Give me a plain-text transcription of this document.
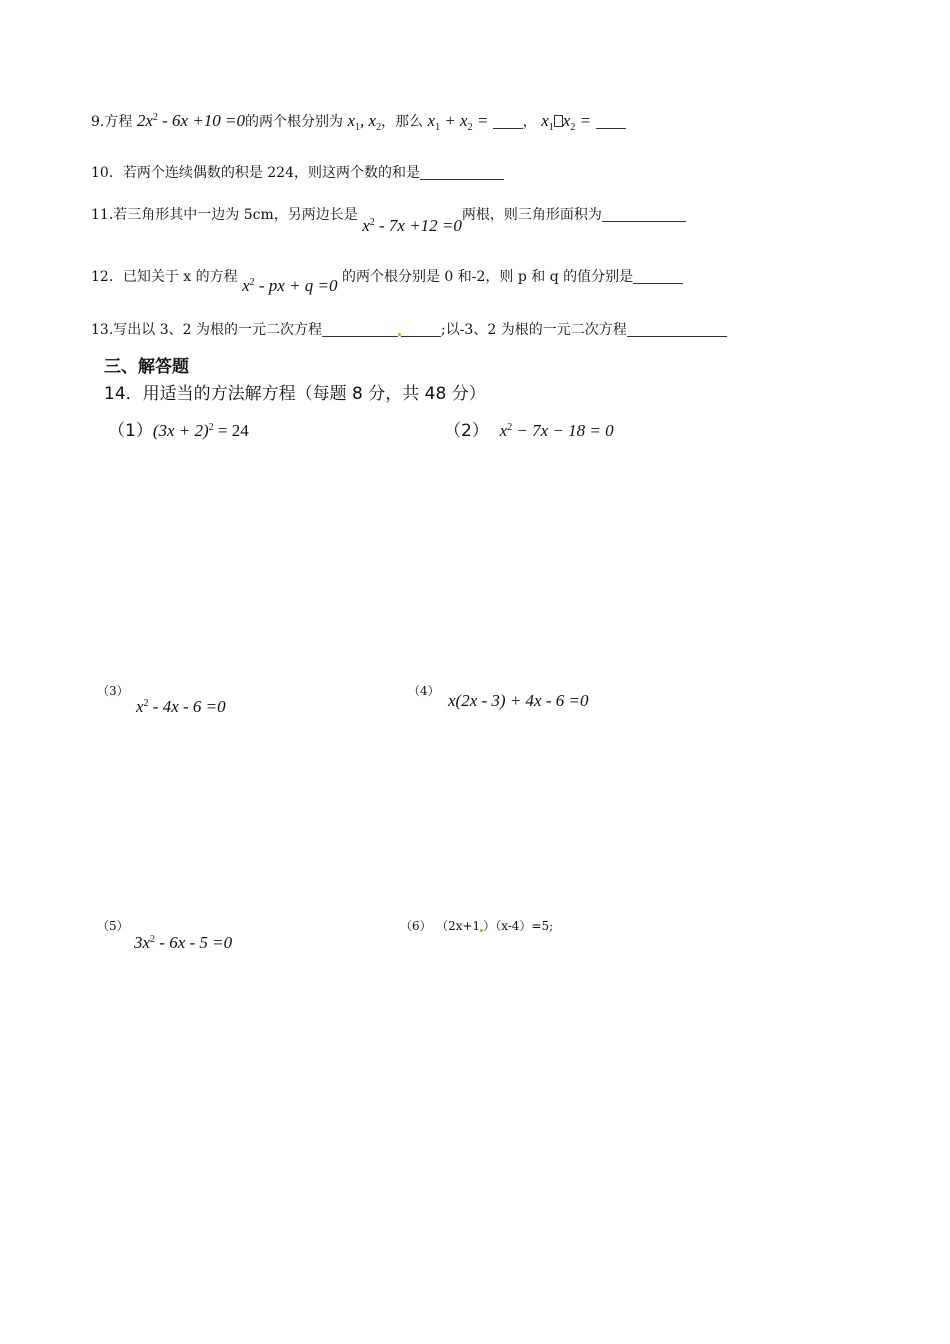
9.方程 $2x^2 - 6x +10 =0$的两个根分别为 $x_1$, $x_2$，那么 $x_1 + x_2$ = ， $x_1$ $x_2$ =
10．若两个连续偶数的积是 224，则这两个数的和是
11.若三角形其中一边为 5cm，另两边长是 $x^2 - 7x +12 =0$两根，则三角形面积为
12．已知关于 x 的方程 $x^2$ - px + q =0 的两个根分别是 0 和-2，则 p 和 q 的值分别是
13.写出以 3、2 为根的一元二次方程	;以-3、2 为根的一元二次方程
三、解答题
14．用适当的方法解方程（每题 8 分，共 48 分）
$(1)(3x + 2)^2 = 24$	（2） $x^2 - 7x - 18 = 0$
（3）
$x^2 - 4x - 6 =0$
（4） x(2x - 3) + 4x - 6 =0
（5）
$3x^2 - 6x - 5 =0$
（6） （2x+1 ）（x-4）=5;
